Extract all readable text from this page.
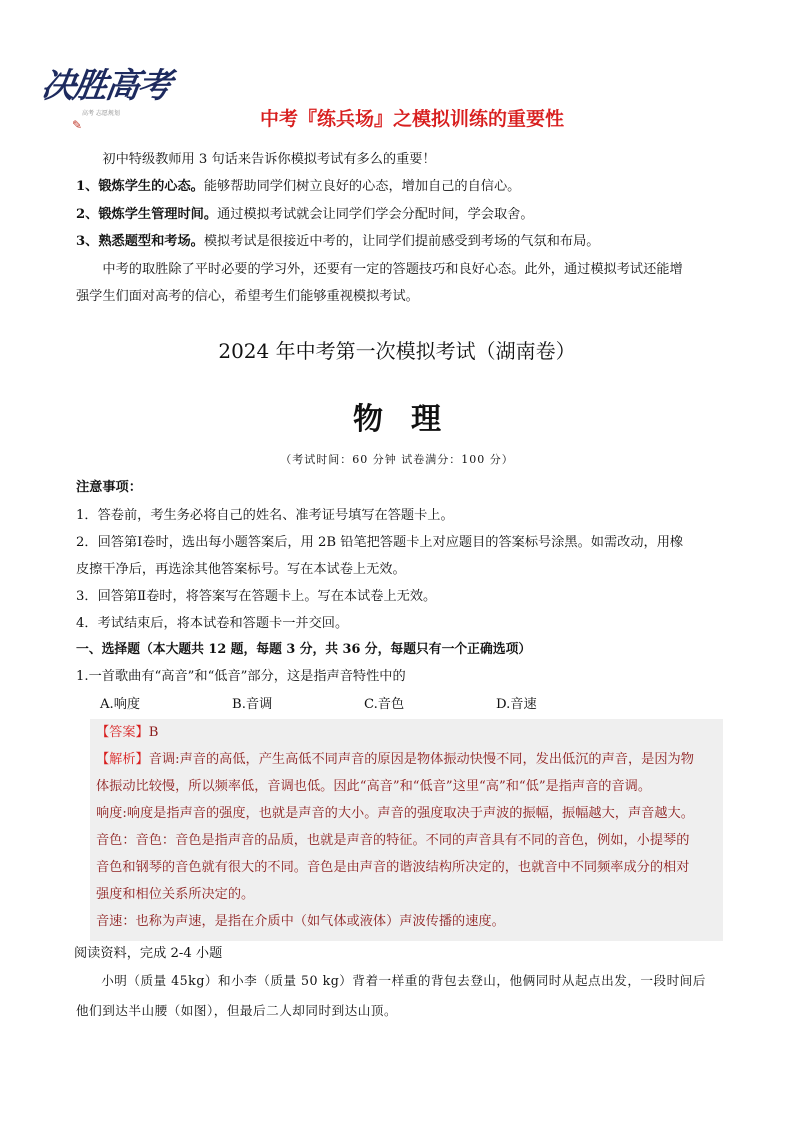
决胜高考
高考 志愿规划
✎	中考『练兵场』之模拟训练的重要性
初中特级教师用 3 句话来告诉你模拟考试有多么的重要！
1、锻炼学生的心态。能够帮助同学们树立良好的心态，增加自己的自信心。
2、锻炼学生管理时间。通过模拟考试就会让同学们学会分配时间，学会取舍。
3、熟悉题型和考场。模拟考试是很接近中考的，让同学们提前感受到考场的气氛和布局。
中考的取胜除了平时必要的学习外，还要有一定的答题技巧和良好心态。此外，通过模拟考试还能增
强学生们面对高考的信心，希望考生们能够重视模拟考试。
2024 年中考第一次模拟考试（湖南卷）
物理
（考试时间：60 分钟 试卷满分：100 分）
注意事项：
1．答卷前，考生务必将自己的姓名、准考证号填写在答题卡上。
2．回答第Ⅰ卷时，选出每小题答案后，用 2B 铅笔把答题卡上对应题目的答案标号涂黑。如需改动，用橡
皮擦干净后，再选涂其他答案标号。写在本试卷上无效。
3．回答第Ⅱ卷时，将答案写在答题卡上。写在本试卷上无效。
4．考试结束后，将本试卷和答题卡一并交回。
一、选择题（本大题共 12 题，每题 3 分，共 36 分，每题只有一个正确选项）
1.一首歌曲有“高音”和“低音”部分，这是指声音特性中的
A.响度	B.音调	C.音色	D.音速
【答案】B
【解析】音调:声音的高低，产生高低不同声音的原因是物体振动快慢不同，发出低沉的声音，是因为物
体振动比较慢，所以频率低，音调也低。因此“高音”和“低音”这里“高”和“低”是指声音的音调。
响度:响度是指声音的强度，也就是声音的大小。声音的强度取决于声波的振幅，振幅越大，声音越大。
音色：音色：音色是指声音的品质，也就是声音的特征。不同的声音具有不同的音色，例如，小提琴的
音色和钢琴的音色就有很大的不同。音色是由声音的谐波结构所决定的，也就音中不同频率成分的相对
强度和相位关系所决定的。
音速：也称为声速，是指在介质中（如气体或液体）声波传播的速度。
阅读资料，完成 2-4 小题
小明（质量 45kg）和小李（质量 50 kg）背着一样重的背包去登山，他俩同时从起点出发，一段时间后
他们到达半山腰（如图），但最后二人却同时到达山顶。
